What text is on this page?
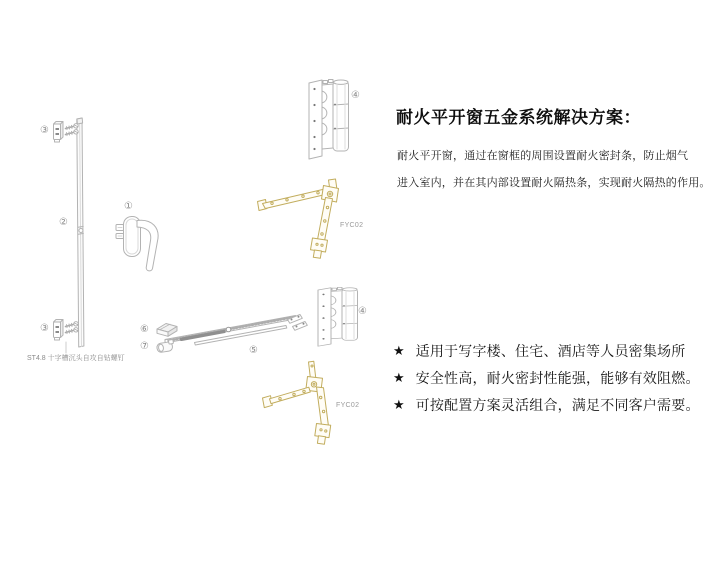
①
②
③
③
④
④
⑤
⑥
⑦
FYC02
FYC02
ST4.8 十字槽沉头自攻自钻螺钉
耐火平开窗五金系统解决方案：
耐火平开窗，通过在窗框的周围设置耐火密封条，防止烟气
进入室内，并在其内部设置耐火隔热条，实现耐火隔热的作用。
★ 适用于写字楼、住宅、酒店等人员密集场所
★ 安全性高，耐火密封性能强，能够有效阻燃。
★ 可按配置方案灵活组合，满足不同客户需要。
